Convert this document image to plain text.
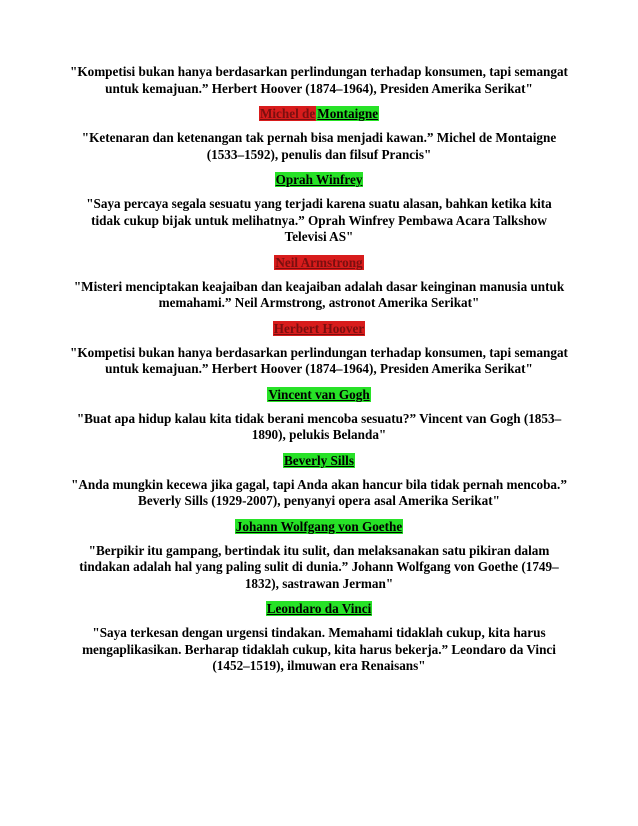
"Kompetisi bukan hanya berdasarkan perlindungan terhadap konsumen, tapi semangat untuk kemajuan.” Herbert Hoover (1874–1964), Presiden Amerika Serikat"

Michel de Montaigne

"Ketenaran dan ketenangan tak pernah bisa menjadi kawan.” Michel de Montaigne (1533–1592), penulis dan filsuf Prancis"

Oprah Winfrey

"Saya percaya segala sesuatu yang terjadi karena suatu alasan, bahkan ketika kita tidak cukup bijak untuk melihatnya.” Oprah Winfrey Pembawa Acara Talkshow Televisi AS"

Neil Armstrong

"Misteri menciptakan keajaiban dan keajaiban adalah dasar keinginan manusia untuk memahami.” Neil Armstrong, astronot Amerika Serikat"

Herbert Hoover

"Kompetisi bukan hanya berdasarkan perlindungan terhadap konsumen, tapi semangat untuk kemajuan.” Herbert Hoover (1874–1964), Presiden Amerika Serikat"

Vincent van Gogh

"Buat apa hidup kalau kita tidak berani mencoba sesuatu?” Vincent van Gogh (1853–1890), pelukis Belanda"

Beverly Sills

"Anda mungkin kecewa jika gagal, tapi Anda akan hancur bila tidak pernah mencoba.” Beverly Sills (1929-2007), penyanyi opera asal Amerika Serikat"

Johann Wolfgang von Goethe

"Berpikir itu gampang, bertindak itu sulit, dan melaksanakan satu pikiran dalam tindakan adalah hal yang paling sulit di dunia.” Johann Wolfgang von Goethe (1749–1832), sastrawan Jerman"

Leondaro da Vinci

"Saya terkesan dengan urgensi tindakan. Memahami tidaklah cukup, kita harus mengaplikasikan. Berharap tidaklah cukup, kita harus bekerja.” Leondaro da Vinci (1452–1519), ilmuwan era Renaisans"
